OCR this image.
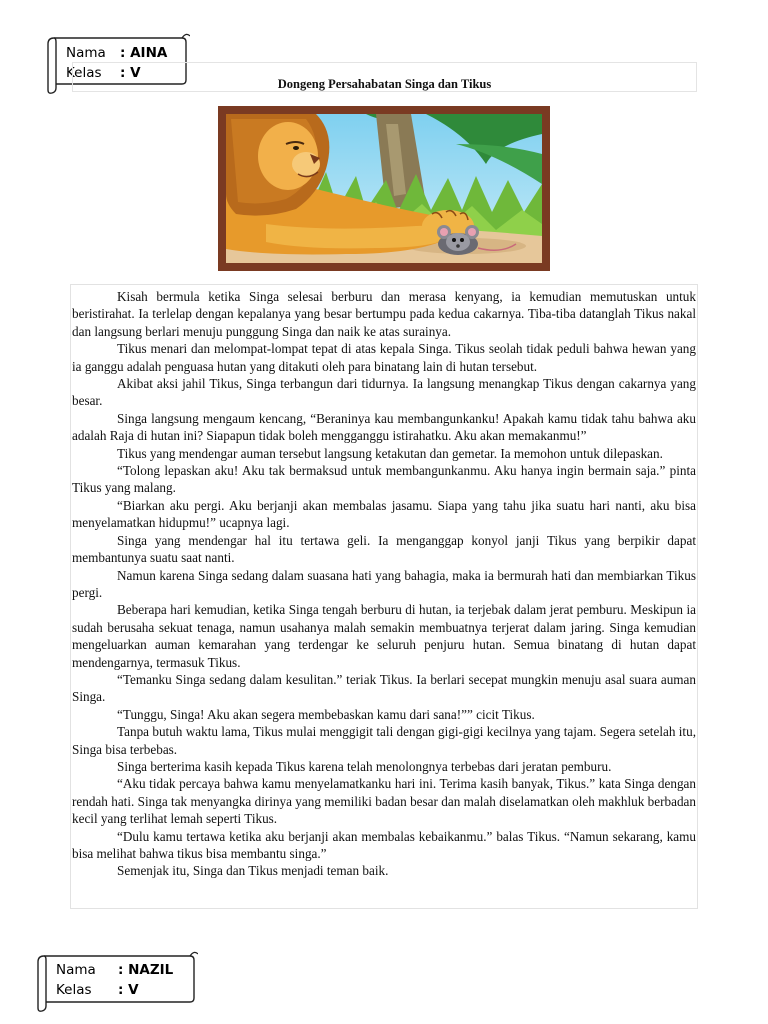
Nama	: AINA
Kelas	: V
Dongeng Persahabatan Singa dan Tikus

Kisah bermula ketika Singa selesai berburu dan merasa kenyang, ia kemudian memutuskan untuk beristirahat. Ia terlelap dengan kepalanya yang besar bertumpu pada kedua cakarnya. Tiba-tiba datanglah Tikus nakal dan langsung berlari menuju punggung Singa dan naik ke atas surainya.

Tikus menari dan melompat-lompat tepat di atas kepala Singa. Tikus seolah tidak peduli bahwa hewan yang ia ganggu adalah penguasa hutan yang ditakuti oleh para binatang lain di hutan tersebut.

Akibat aksi jahil Tikus, Singa terbangun dari tidurnya. Ia langsung menangkap Tikus dengan cakarnya yang besar.

Singa langsung mengaum kencang, “Beraninya kau membangunkanku! Apakah kamu tidak tahu bahwa aku adalah Raja di hutan ini? Siapapun tidak boleh mengganggu istirahatku. Aku akan memakanmu!”

Tikus yang mendengar auman tersebut langsung ketakutan dan gemetar. Ia memohon untuk dilepaskan.

“Tolong lepaskan aku! Aku tak bermaksud untuk membangunkanmu. Aku hanya ingin bermain saja.” pinta Tikus yang malang.

“Biarkan aku pergi. Aku berjanji akan membalas jasamu. Siapa yang tahu jika suatu hari nanti, aku bisa menyelamatkan hidupmu!” ucapnya lagi.

Singa yang mendengar hal itu tertawa geli. Ia menganggap konyol janji Tikus yang berpikir dapat membantunya suatu saat nanti.

Namun karena Singa sedang dalam suasana hati yang bahagia, maka ia bermurah hati dan membiarkan Tikus pergi.

Beberapa hari kemudian, ketika Singa tengah berburu di hutan, ia terjebak dalam jerat pemburu. Meskipun ia sudah berusaha sekuat tenaga, namun usahanya malah semakin membuatnya terjerat dalam jaring. Singa kemudian mengeluarkan auman kemarahan yang terdengar ke seluruh penjuru hutan. Semua binatang di hutan dapat mendengarnya, termasuk Tikus.

“Temanku Singa sedang dalam kesulitan.” teriak Tikus. Ia berlari secepat mungkin menuju asal suara auman Singa.

“Tunggu, Singa! Aku akan segera membebaskan kamu dari sana!”” cicit Tikus.

Tanpa butuh waktu lama, Tikus mulai menggigit tali dengan gigi-gigi kecilnya yang tajam. Segera setelah itu, Singa bisa terbebas.

Singa berterima kasih kepada Tikus karena telah menolongnya terbebas dari jeratan pemburu.

“Aku tidak percaya bahwa kamu menyelamatkanku hari ini. Terima kasih banyak, Tikus.” kata Singa dengan rendah hati. Singa tak menyangka dirinya yang memiliki badan besar dan malah diselamatkan oleh makhluk berbadan kecil yang terlihat lemah seperti Tikus.

“Dulu kamu tertawa ketika aku berjanji akan membalas kebaikanmu.” balas Tikus. “Namun sekarang, kamu bisa melihat bahwa tikus bisa membantu singa.”

Semenjak itu, Singa dan Tikus menjadi teman baik.

Nama	: NAZIL
Kelas	: V
